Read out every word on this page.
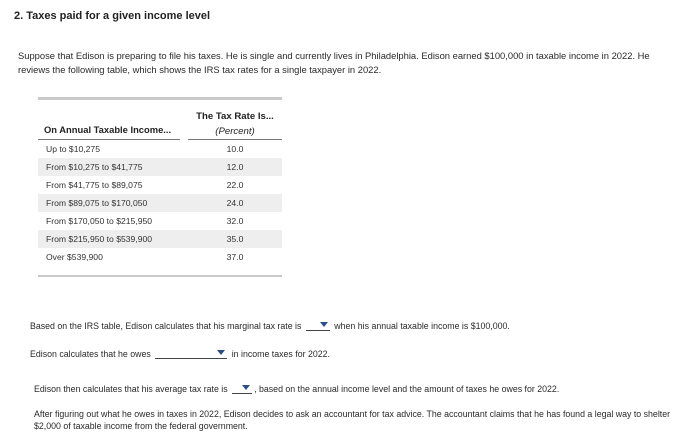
2. Taxes paid for a given income level
Suppose that Edison is preparing to file his taxes. He is single and currently lives in Philadelphia. Edison earned $100,000 in taxable income in 2022. He reviews the following table, which shows the IRS tax rates for a single taxpayer in 2022.
The Tax Rate Is...
(Percent)
On Annual Taxable Income...
Up to $10,275	10.0
From $10,275 to $41,775	12.0
From $41,775 to $89,075	22.0
From $89,075 to $170,050	24.0
From $170,050 to $215,950	32.0
From $215,950 to $539,900	35.0
Over $539,900	37.0
Based on the IRS table, Edison calculates that his marginal tax rate is	when his annual taxable income is $100,000.
Edison calculates that he owes	in income taxes for 2022.
Edison then calculates that his average tax rate is	, based on the annual income level and the amount of taxes he owes for 2022.
After figuring out what he owes in taxes in 2022, Edison decides to ask an accountant for tax advice. The accountant claims that he has found a legal way to shelter $2,000 of taxable income from the federal government.
